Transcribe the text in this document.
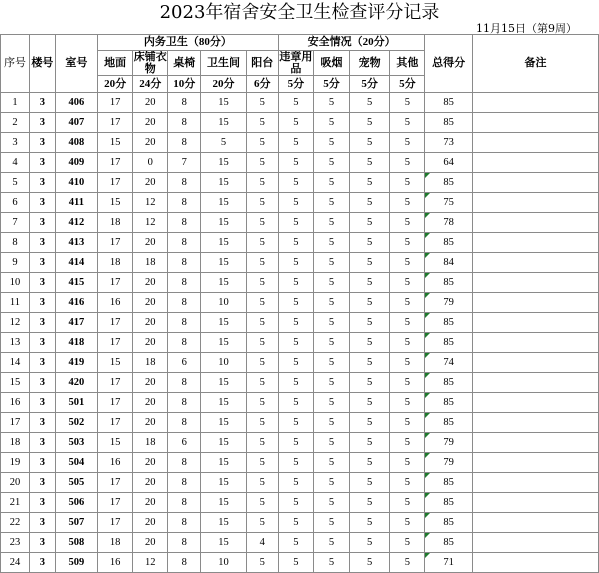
2023年宿舍安全卫生检查评分记录
11月15日（第9周）
序号	楼号	室号	内务卫生（80分）					安全情况（20分）				总得分	备注
			地面	床铺衣物	桌椅	卫生间	阳台	违章用品	吸烟	宠物	其他		
			20分	24分	10分	20分	6分	5分	5分	5分	5分		
1	3	406	17	20	8	15	5	5	5	5	5	85	
2	3	407	17	20	8	15	5	5	5	5	5	85	
3	3	408	15	20	8	5	5	5	5	5	5	73	
4	3	409	17	0	7	15	5	5	5	5	5	64	
5	3	410	17	20	8	15	5	5	5	5	5	85

6	3	411	15	12	8	15	5	5	5	5	5	75

7	3	412	18	12	8	15	5	5	5	5	5	78

8	3	413	17	20	8	15	5	5	5	5	5	85

9	3	414	18	18	8	15	5	5	5	5	5	84

10	3	415	17	20	8	15	5	5	5	5	5	85

11	3	416	16	20	8	10	5	5	5	5	5	79

12	3	417	17	20	8	15	5	5	5	5	5	85

13	3	418	17	20	8	15	5	5	5	5	5	85

14	3	419	15	18	6	10	5	5	5	5	5	74

15	3	420	17	20	8	15	5	5	5	5	5	85

16	3	501	17	20	8	15	5	5	5	5	5	85

17	3	502	17	20	8	15	5	5	5	5	5	85

18	3	503	15	18	6	15	5	5	5	5	5	79

19	3	504	16	20	8	15	5	5	5	5	5	79

20	3	505	17	20	8	15	5	5	5	5	5	85

21	3	506	17	20	8	15	5	5	5	5	5	85

22	3	507	17	20	8	15	5	5	5	5	5	85

23	3	508	18	20	8	15	4	5	5	5	5	85

24	3	509	16	12	8	10	5	5	5	5	5	71
